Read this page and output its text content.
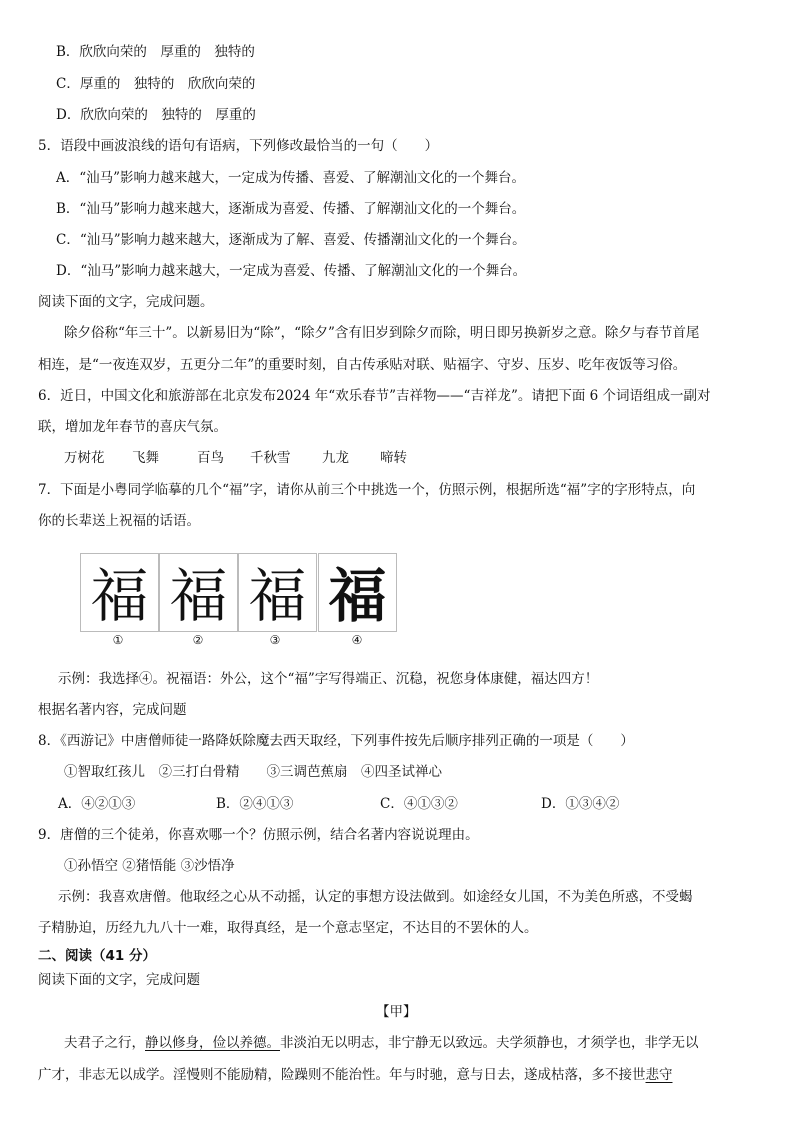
B．欣欣向荣的　厚重的　独特的
C．厚重的　独特的　欣欣向荣的
D．欣欣向荣的　独特的　厚重的
5．语段中画波浪线的语句有语病，下列修改最恰当的一句（　　）
A．“汕马”影响力越来越大，一定成为传播、喜爱、了解潮汕文化的一个舞台。
B．“汕马”影响力越来越大，逐渐成为喜爱、传播、了解潮汕文化的一个舞台。
C．“汕马”影响力越来越大，逐渐成为了解、喜爱、传播潮汕文化的一个舞台。
D．“汕马”影响力越来越大，一定成为喜爱、传播、了解潮汕文化的一个舞台。
阅读下面的文字，完成问题。
除夕俗称“年三十”。以新易旧为“除”，“除夕”含有旧岁到除夕而除，明日即另换新岁之意。除夕与春节首尾
相连，是“一夜连双岁，五更分二年”的重要时刻，自古传承贴对联、贴福字、守岁、压岁、吃年夜饭等习俗。
6．近日，中国文化和旅游部在北京发布2024 年“欢乐春节”吉祥物——“吉祥龙”。请把下面 6 个词语组成一副对
联，增加龙年春节的喜庆气氛。
万树花 飞舞	百鸟 千秋雪 九龙 啼转
7．下面是小粤同学临摹的几个“福”字，请你从前三个中挑选一个，仿照示例，根据所选“福”字的字形特点，向
你的长辈送上祝福的话语。
福 福 福 福
①	②	③	④
示例：我选择④。祝福语：外公，这个“福”字写得端正、沉稳，祝您身体康健，福达四方！
根据名著内容，完成问题
8．《西游记》中唐僧师徒一路降妖除魔去西天取经，下列事件按先后顺序排列正确的一项是（　　）
①智取红孩儿　②三打白骨精　　③三调芭蕉扇　④四圣试禅心
A．④②①③	B．②④①③	C．④①③②	D．①③④②
9．唐僧的三个徒弟，你喜欢哪一个？仿照示例，结合名著内容说说理由。
①孙悟空 ②猪悟能 ③沙悟净
示例：我喜欢唐僧。他取经之心从不动摇，认定的事想方设法做到。如途经女儿国，不为美色所惑，不受蝎
子精胁迫，历经九九八十一难，取得真经，是一个意志坚定，不达目的不罢休的人。
二、阅读（41 分）
阅读下面的文字，完成问题
【甲】
夫君子之行，静以修身，俭以养德。非淡泊无以明志，非宁静无以致远。夫学须静也，才须学也，非学无以
广才，非志无以成学。淫慢则不能励精，险躁则不能治性。年与时驰，意与日去，遂成枯落，多不接世悲守
